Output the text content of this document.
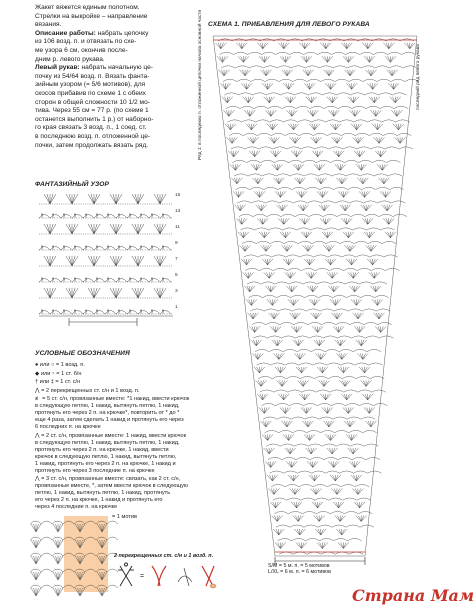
Жакет вяжется единым полотном.
Стрелки на выкройке – направление
вязания.
Описание работы: набрать цепочку
из 106 возд. п. и отвязать по схе-
ме узора 6 см, окончив после-
дним р. левого рукава.
Левый рукав: набрать начальную це-
почку из 54/64 возд. п. Вязать фанта-
зийным узором (= 5/6 мотивов), для
скосов прибавив по схеме 1 с обеих
сторон в общей сложности 10 1/2 мо-
тива. Через 55 см = 77 р. (по схеме 1
останется выполнить 1 р.) от наборно-
го края связать 3 возд. п., 1 соед. ст.
в последнюю возд. п. отложенной це-
почки, затем продолжать вязать ряд.
ФАНТАЗИЙНЫЙ УЗОР
15
13
11
9
7
5
3
1
УСЛОВНЫЕ ОБОЗНАЧЕНИЯ
● или ○ = 1 возд. п.
◆ или ⁃ = 1 ст. б/н
† или ‡ = 1 ст. с/н
⋀ = 2 перекрещенных ст. с/н и 1 возд. п.
≢ = 5 ст. с/н, провязанные вместе: *1 накид, ввести крючок
в следующую петлю, 1 накид, вытянуть петлю, 1 накид,
протянуть его через 2 п. на крючке*, повторить от * до *
еще 4 раза, затем сделать 1 накид и протянуть его через
6 последних п. на крючке
⋀ = 2 ст. с/н, провязанные вместе: 1 накид, ввести крючок
в следующую петлю, 1 накид, вытянуть петлю, 1 накид,
протянуть его через 2 п. на крючке, 1 накид, ввести
крючок в следующую петлю, 1 накид, вытянуть петлю,
1 накид, протянуть его через 2 п. на крючке, 1 накид и
протянуть его через 3 последние п. на крючке
⋀ = 3 ст. с/н, провязанные вместе: связать, как 2 ст. с/н,
провязанные вместе, *, затем ввести крючок в следующую
петлю, 1 накид, вытянуть петлю, 1 накид, протянуть
его через 2 п. на крючке, 1 накид и протянуть его
через 4 последние п. на крючке
= 1 мотив
2 перекрещенных ст. с/н и 1 возд. п.
=
СХЕМА 1. ПРИБАВЛЕНИЯ ДЛЯ ЛЕВОГО РУКАВА
Ряд 1: в последнюю п. отложенной цепочки начала основной части	последний ряд левого рукава
S/M = 5 м. п. = 5 мотивов
L/XL = 6 м. п. = 6 мотивов
Страна Мам
